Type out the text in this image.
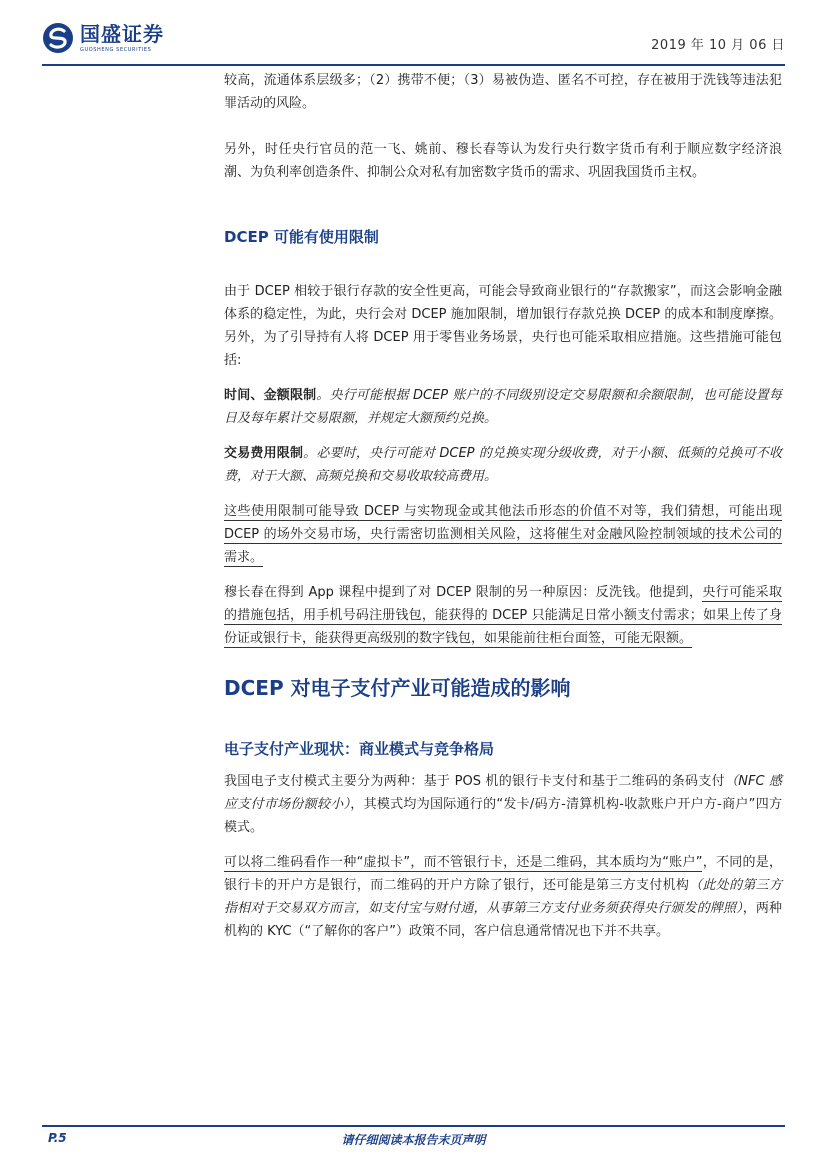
国盛证券
GUOSHENG SECURITIES	2019 年 10 月 06 日

较高，流通体系层级多；（2）携带不便；（3）易被伪造、匿名不可控，存在被用于洗钱等违法犯罪活动的风险。

另外，时任央行官员的范一飞、姚前、穆长春等认为发行央行数字货币有利于顺应数字经济浪潮、为负利率创造条件、抑制公众对私有加密数字货币的需求、巩固我国货币主权。

DCEP 可能有使用限制

由于 DCEP 相较于银行存款的安全性更高，可能会导致商业银行的“存款搬家”，而这会影响金融体系的稳定性，为此，央行会对 DCEP 施加限制，增加银行存款兑换 DCEP 的成本和制度摩擦。另外，为了引导持有人将 DCEP 用于零售业务场景，央行也可能采取相应措施。这些措施可能包括:

时间、金额限制。央行可能根据 DCEP 账户的不同级别设定交易限额和余额限制，也可能设置每日及每年累计交易限额，并规定大额预约兑换。

交易费用限制。必要时，央行可能对 DCEP 的兑换实现分级收费，对于小额、低频的兑换可不收费，对于大额、高频兑换和交易收取较高费用。

这些使用限制可能导致 DCEP 与实物现金或其他法币形态的价值不对等，我们猜想，可能出现 DCEP 的场外交易市场，央行需密切监测相关风险，这将催生对金融风险控制领域的技术公司的需求。

穆长春在得到 App 课程中提到了对 DCEP 限制的另一种原因：反洗钱。他提到，央行可能采取的措施包括，用手机号码注册钱包，能获得的 DCEP 只能满足日常小额支付需求；如果上传了身份证或银行卡，能获得更高级别的数字钱包，如果能前往柜台面签，可能无限额。

DCEP 对电子支付产业可能造成的影响
电子支付产业现状：商业模式与竞争格局

我国电子支付模式主要分为两种：基于 POS 机的银行卡支付和基于二维码的条码支付（NFC 感应支付市场份额较小），其模式均为国际通行的“发卡/码方-清算机构-收款账户开户方-商户”四方模式。

可以将二维码看作一种“虚拟卡”，而不管银行卡，还是二维码，其本质均为“账户”，不同的是，银行卡的开户方是银行，而二维码的开户方除了银行，还可能是第三方支付机构（此处的第三方指相对于交易双方而言，如支付宝与财付通，从事第三方支付业务须获得央行颁发的牌照），两种机构的 KYC（“了解你的客户”）政策不同，客户信息通常情况也下并不共享。

请仔细阅读本报告末页声明
P.5
